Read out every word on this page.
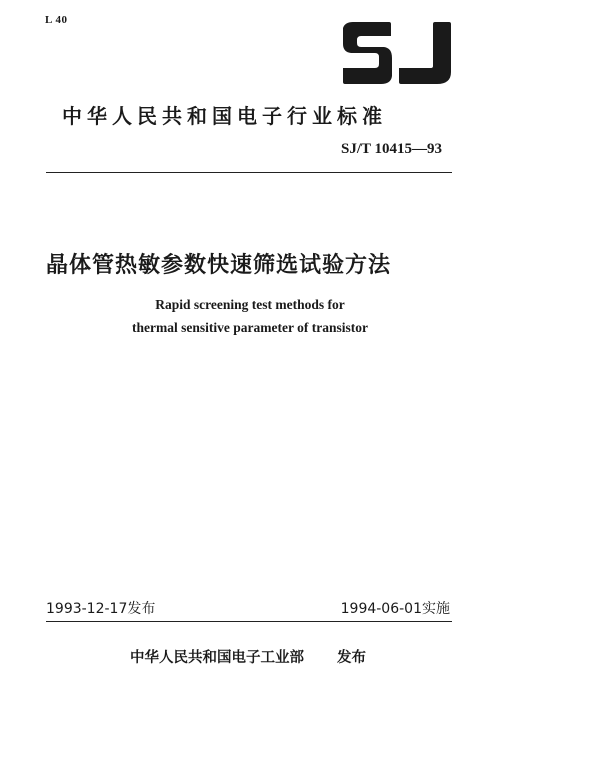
L 40
中华人民共和国电子行业标准
SJ/T 10415—93
晶体管热敏参数快速筛选试验方法
Rapid screening test methods for
thermal sensitive parameter of transistor
1993-12-17发布	1994-06-01实施
中华人民共和国电子工业部 发布
